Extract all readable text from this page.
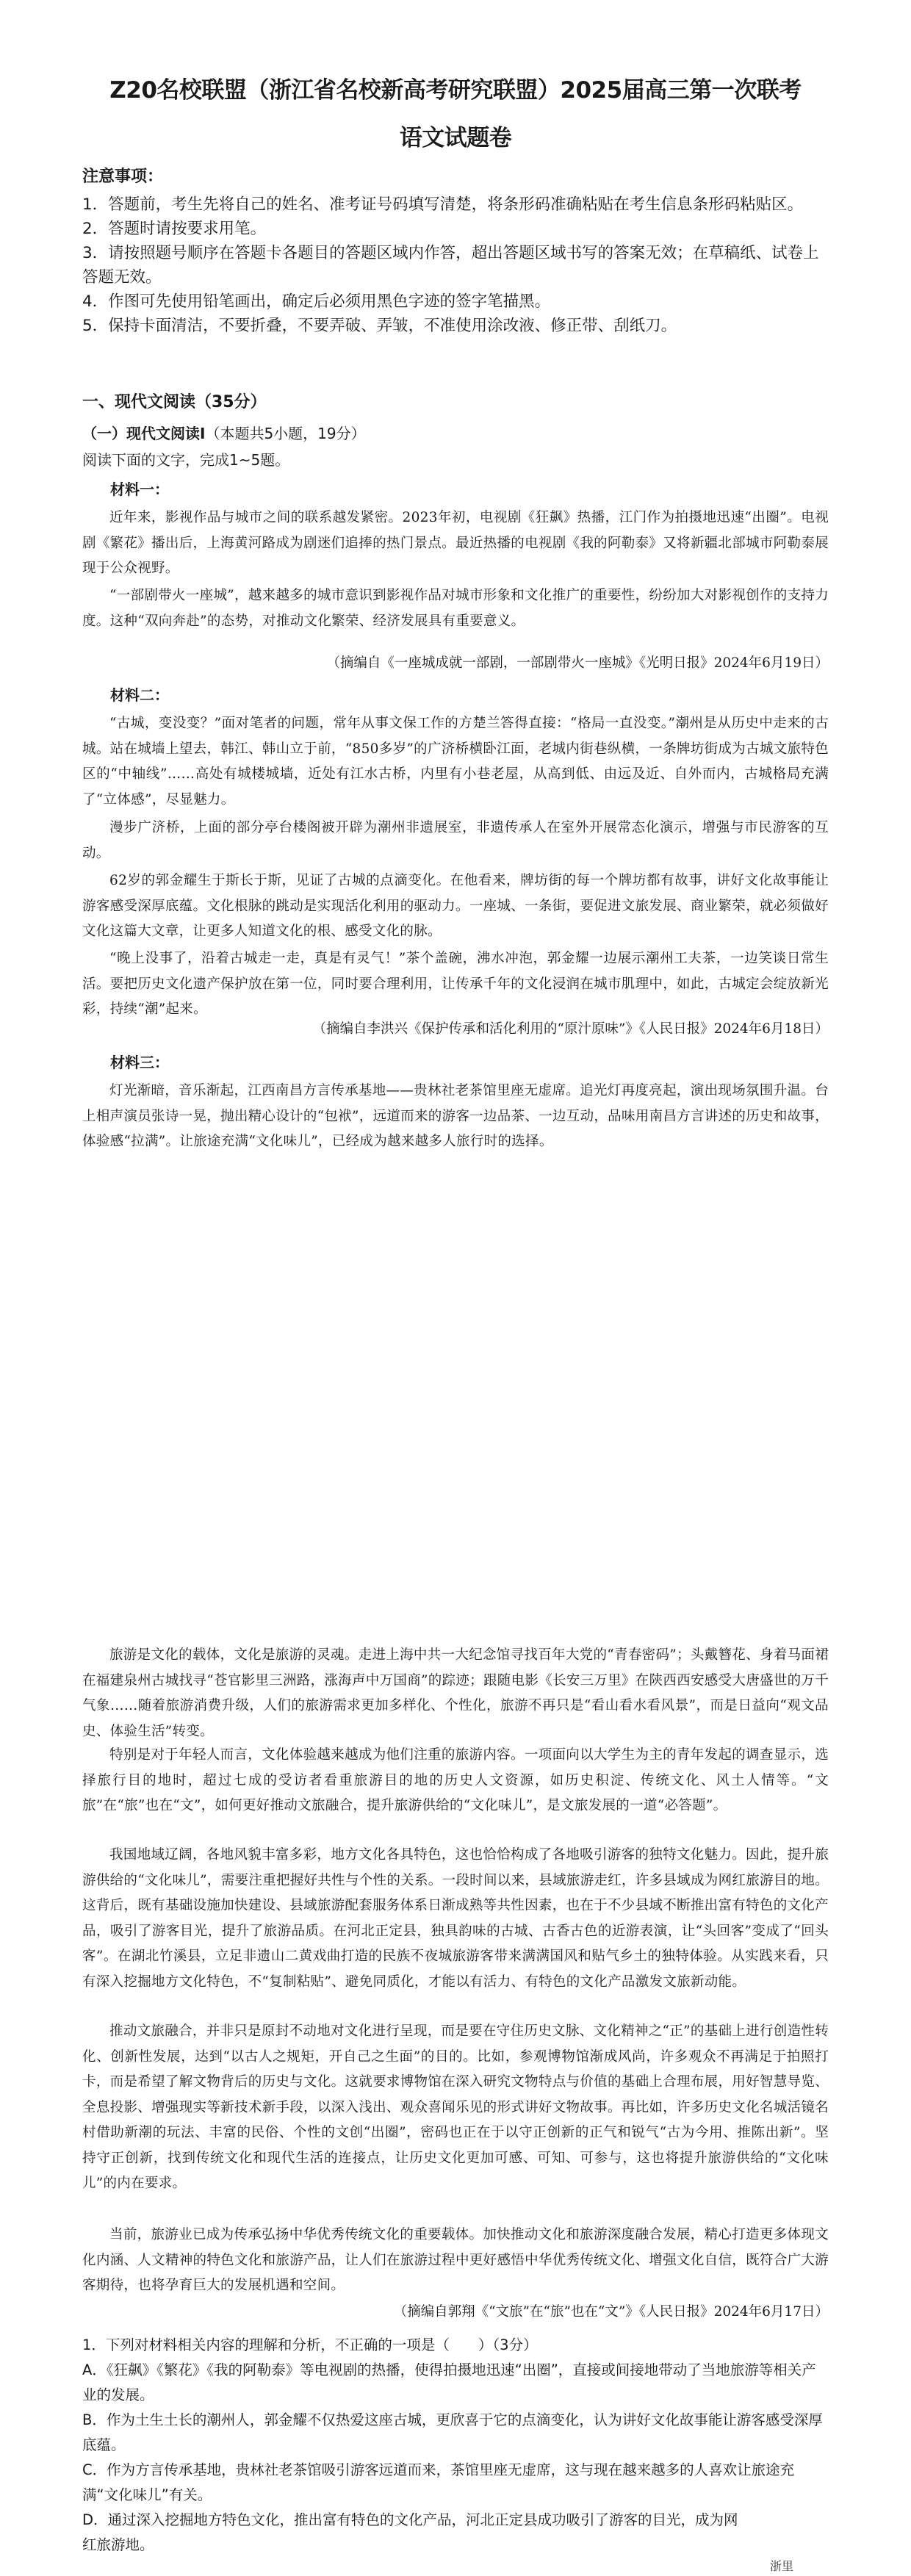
Z20名校联盟（浙江省名校新高考研究联盟）2025届高三第一次联考
语文试题卷
注意事项：
1．答题前，考生先将自己的姓名、准考证号码填写清楚，将条形码准确粘贴在考生信息条形码粘贴区。
2．答题时请按要求用笔。
3．请按照题号顺序在答题卡各题目的答题区域内作答，超出答题区域书写的答案无效；在草稿纸、试卷上答题无效。
4．作图可先使用铅笔画出，确定后必须用黑色字迹的签字笔描黑。
5．保持卡面清洁，不要折叠，不要弄破、弄皱，不准使用涂改液、修正带、刮纸刀。
一、现代文阅读（35分）
（一）现代文阅读Ⅰ（本题共5小题，19分）
阅读下面的文字，完成1~5题。
材料一：

近年来，影视作品与城市之间的联系越发紧密。2023年初，电视剧《狂飙》热播，江门作为拍摄地迅速“出圈”。电视剧《繁花》播出后，上海黄河路成为剧迷们追捧的热门景点。最近热播的电视剧《我的阿勒泰》又将新疆北部城市阿勒泰展现于公众视野。

“一部剧带火一座城”，越来越多的城市意识到影视作品对城市形象和文化推广的重要性，纷纷加大对影视创作的支持力度。这种“双向奔赴”的态势，对推动文化繁荣、经济发展具有重要意义。

（摘编自《一座城成就一部剧，一部剧带火一座城》《光明日报》2024年6月19日）
材料二：

“古城，变没变？”面对笔者的问题，常年从事文保工作的方楚兰答得直接：“格局一直没变。”潮州是从历史中走来的古城。站在城墙上望去，韩江、韩山立于前，“850多岁”的广济桥横卧江面，老城内街巷纵横，一条牌坊街成为古城文旅特色区的“中轴线”……高处有城楼城墙，近处有江水古桥，内里有小巷老屋，从高到低、由远及近、自外而内，古城格局充满了“立体感”，尽显魅力。

漫步广济桥，上面的部分亭台楼阁被开辟为潮州非遗展室，非遗传承人在室外开展常态化演示，增强与市民游客的互动。

62岁的郭金耀生于斯长于斯，见证了古城的点滴变化。在他看来，牌坊街的每一个牌坊都有故事，讲好文化故事能让游客感受深厚底蕴。文化根脉的跳动是实现活化利用的驱动力。一座城、一条街，要促进文旅发展、商业繁荣，就必须做好文化这篇大文章，让更多人知道文化的根、感受文化的脉。

“晚上没事了，沿着古城走一走，真是有灵气！”茶个盖碗，沸水冲泡，郭金耀一边展示潮州工夫茶，一边笑谈日常生活。要把历史文化遗产保护放在第一位，同时要合理利用，让传承千年的文化浸润在城市肌理中，如此，古城定会绽放新光彩，持续“潮”起来。

（摘编自李洪兴《保护传承和活化利用的“原汁原味”》《人民日报》2024年6月18日）
材料三：

灯光渐暗，音乐渐起，江西南昌方言传承基地——贵林社老茶馆里座无虚席。追光灯再度亮起，演出现场氛围升温。台上相声演员张诗一晃，抛出精心设计的“包袱”，远道而来的游客一边品茶、一边互动，品味用南昌方言讲述的历史和故事，体验感“拉满”。让旅途充满“文化味儿”，已经成为越来越多人旅行时的选择。

旅游是文化的载体，文化是旅游的灵魂。走进上海中共一大纪念馆寻找百年大党的“青春密码”；头戴簪花、身着马面裙在福建泉州古城找寻“苍官影里三洲路，涨海声中万国商”的踪迹；跟随电影《长安三万里》在陕西西安感受大唐盛世的万千气象……随着旅游消费升级，人们的旅游需求更加多样化、个性化，旅游不再只是“看山看水看风景”，而是日益向“观文品史、体验生活”转变。

特别是对于年轻人而言，文化体验越来越成为他们注重的旅游内容。一项面向以大学生为主的青年发起的调查显示，选择旅行目的地时，超过七成的受访者看重旅游目的地的历史人文资源，如历史积淀、传统文化、风土人情等。“文旅”在“旅”也在“文”，如何更好推动文旅融合，提升旅游供给的“文化味儿”，是文旅发展的一道“必答题”。

我国地域辽阔，各地风貌丰富多彩，地方文化各具特色，这也恰恰构成了各地吸引游客的独特文化魅力。因此，提升旅游供给的“文化味儿”，需要注重把握好共性与个性的关系。一段时间以来，县域旅游走红，许多县域成为网红旅游目的地。这背后，既有基础设施加快建设、县域旅游配套服务体系日渐成熟等共性因素，也在于不少县域不断推出富有特色的文化产品，吸引了游客目光，提升了旅游品质。在河北正定县，独具韵味的古城、古香古色的近游表演，让“头回客”变成了“回头客”。在湖北竹溪县，立足非遗山二黄戏曲打造的民族不夜城旅游客带来满满国风和贴气乡土的独特体验。从实践来看，只有深入挖掘地方文化特色，不“复制粘贴”、避免同质化，才能以有活力、有特色的文化产品激发文旅新动能。

推动文旅融合，并非只是原封不动地对文化进行呈现，而是要在守住历史文脉、文化精神之“正”的基础上进行创造性转化、创新性发展，达到“以古人之规矩，开自己之生面”的目的。比如，参观博物馆渐成风尚，许多观众不再满足于拍照打卡，而是希望了解文物背后的历史与文化。这就要求博物馆在深入研究文物特点与价值的基础上合理布展，用好智慧导览、全息投影、增强现实等新技术新手段，以深入浅出、观众喜闻乐见的形式讲好文物故事。再比如，许多历史文化名城活镜名村借助新潮的玩法、丰富的民俗、个性的文创“出圈”，密码也正在于以守正创新的正气和锐气“古为今用、推陈出新”。坚持守正创新，找到传统文化和现代生活的连接点，让历史文化更加可感、可知、可参与，这也将提升旅游供给的“文化味儿”的内在要求。

当前，旅游业已成为传承弘扬中华优秀传统文化的重要载体。加快推动文化和旅游深度融合发展，精心打造更多体现文化内涵、人文精神的特色文化和旅游产品，让人们在旅游过程中更好感悟中华优秀传统文化、增强文化自信，既符合广大游客期待，也将孕育巨大的发展机遇和空间。

（摘编自郭翔《“文旅”在“旅”也在“文”》《人民日报》2024年6月17日）
1．下列对材料相关内容的理解和分析，不正确的一项是（　　）（3分）
A．《狂飙》《繁花》《我的阿勒泰》等电视剧的热播，使得拍摄地迅速“出圈”，直接或间接地带动了当地旅游等相关产业的发展。
B．作为土生土长的潮州人，郭金耀不仅热爱这座古城，更欣喜于它的点滴变化，认为讲好文化故事能让游客感受深厚底蕴。
C．作为方言传承基地，贵林社老茶馆吸引游客远道而来，茶馆里座无虚席，这与现在越来越多的人喜欢让旅途充满“文化味儿”有关。
D．通过深入挖掘地方特色文化，推出富有特色的文化产品，河北正定县成功吸引了游客的目光，成为网红旅游地。
浙里
